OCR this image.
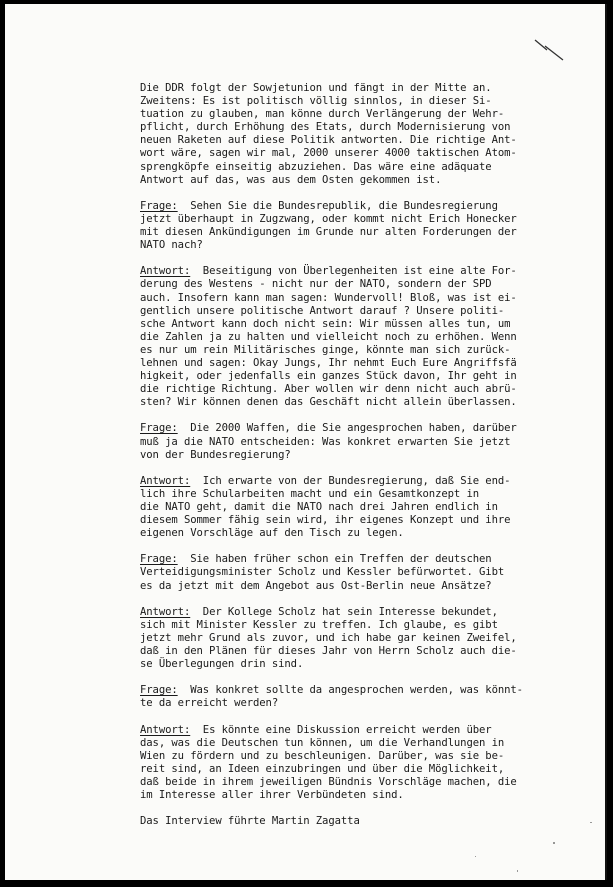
Die DDR folgt der Sowjetunion und fängt in der Mitte an.
Zweitens: Es ist politisch völlig sinnlos, in dieser Si-
tuation zu glauben, man könne durch Verlängerung der Wehr-
pflicht, durch Erhöhung des Etats, durch Modernisierung von
neuen Raketen auf diese Politik antworten. Die richtige Ant-
wort wäre, sagen wir mal, 2000 unserer 4000 taktischen Atom-
sprengköpfe einseitig abzuziehen. Das wäre eine adäquate
Antwort auf das, was aus dem Osten gekommen ist.
Frage:  Sehen Sie die Bundesrepublik, die Bundesregierung
jetzt überhaupt in Zugzwang, oder kommt nicht Erich Honecker
mit diesen Ankündigungen im Grunde nur alten Forderungen der
NATO nach?
Antwort:  Beseitigung von Überlegenheiten ist eine alte For-
derung des Westens - nicht nur der NATO, sondern der SPD
auch. Insofern kann man sagen: Wundervoll! Bloß, was ist ei-
gentlich unsere politische Antwort darauf ? Unsere politi-
sche Antwort kann doch nicht sein: Wir müssen alles tun, um
die Zahlen ja zu halten und vielleicht noch zu erhöhen. Wenn
es nur um rein Militärisches ginge, könnte man sich zurück-
lehnen und sagen: Okay Jungs, Ihr nehmt Euch Eure Angriffsfä
higkeit, oder jedenfalls ein ganzes Stück davon, Ihr geht in
die richtige Richtung. Aber wollen wir denn nicht auch abrü-
sten? Wir können denen das Geschäft nicht allein überlassen.
Frage:  Die 2000 Waffen, die Sie angesprochen haben, darüber
muß ja die NATO entscheiden: Was konkret erwarten Sie jetzt
von der Bundesregierung?
Antwort:  Ich erwarte von der Bundesregierung, daß Sie end-
lich ihre Schularbeiten macht und ein Gesamtkonzept in
die NATO geht, damit die NATO nach drei Jahren endlich in
diesem Sommer fähig sein wird, ihr eigenes Konzept und ihre
eigenen Vorschläge auf den Tisch zu legen.
Frage:  Sie haben früher schon ein Treffen der deutschen
Verteidigungsminister Scholz und Kessler befürwortet. Gibt
es da jetzt mit dem Angebot aus Ost-Berlin neue Ansätze?
Antwort:  Der Kollege Scholz hat sein Interesse bekundet,
sich mit Minister Kessler zu treffen. Ich glaube, es gibt
jetzt mehr Grund als zuvor, und ich habe gar keinen Zweifel,
daß in den Plänen für dieses Jahr von Herrn Scholz auch die-
se Überlegungen drin sind.
Frage:  Was konkret sollte da angesprochen werden, was könnt-
te da erreicht werden?
Antwort:  Es könnte eine Diskussion erreicht werden über
das, was die Deutschen tun können, um die Verhandlungen in
Wien zu fördern und zu beschleunigen. Darüber, was sie be-
reit sind, an Ideen einzubringen und über die Möglichkeit,
daß beide in ihrem jeweiligen Bündnis Vorschläge machen, die
im Interesse aller ihrer Verbündeten sind.
Das Interview führte Martin Zagatta
